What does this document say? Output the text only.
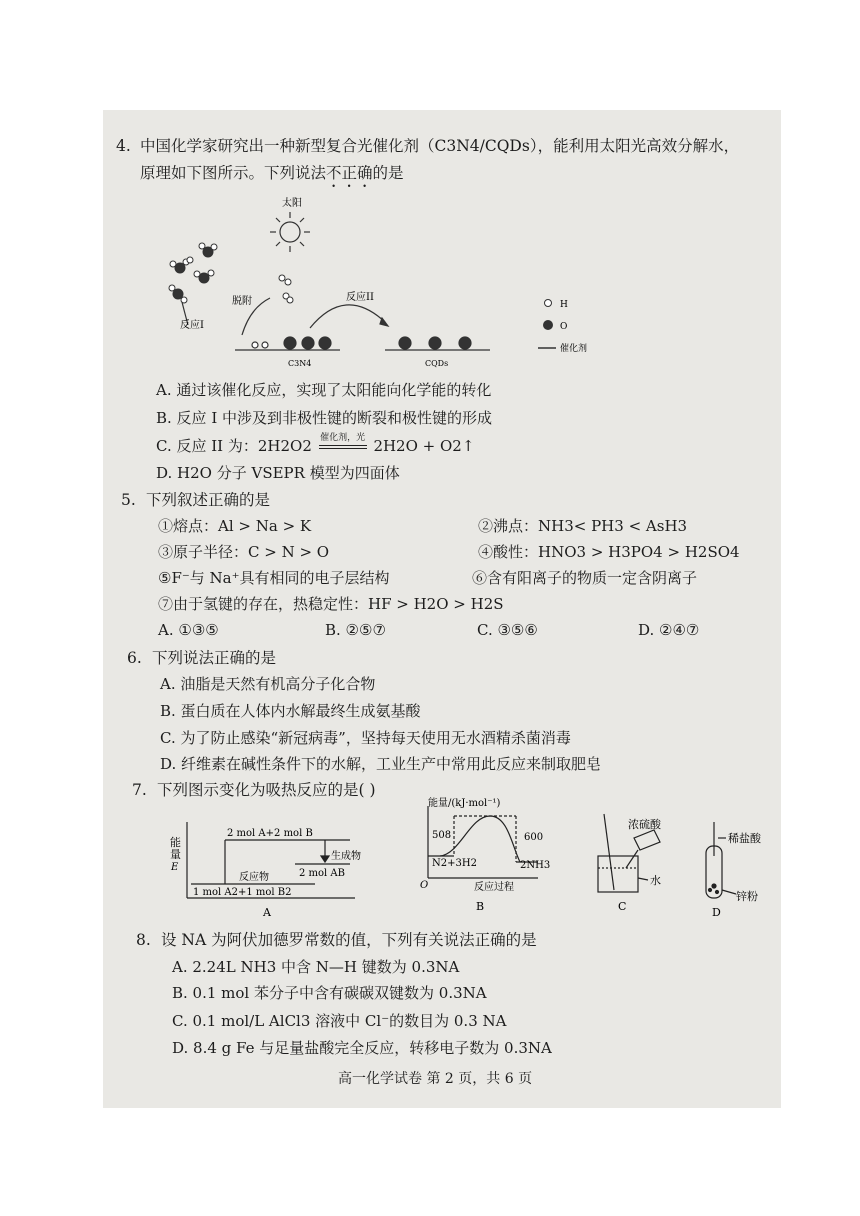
4. 中国化学家研究出一种新型复合光催化剂（C3N4/CQDs），能利用太阳光高效分解水，
原理如下图所示。下列说法不正确的是
脱附
太阳
反应I
反应II
C3N4	CQDs
H
O
催化剂
A. 通过该催化反应，实现了太阳能向化学能的转化
B. 反应 I 中涉及到非极性键的断裂和极性键的形成
C. 反应 II 为：2H2O2 催化剂，光 2H2O + O2↑
D. H2O 分子 VSEPR 模型为四面体
5. 下列叙述正确的是
①熔点：Al > Na > K	②沸点：NH3< PH3 < AsH3
③原子半径：C > N > O	④酸性：HNO3 > H3PO4 > H2SO4
⑤F⁻与 Na⁺具有相同的电子层结构	⑥含有阳离子的物质一定含阴离子
⑦由于氢键的存在，热稳定性：HF > H2O > H2S
A. ①③⑤	B. ②⑤⑦	C. ③⑤⑥	D. ②④⑦
6. 下列说法正确的是
A. 油脂是天然有机高分子化合物
B. 蛋白质在人体内水解最终生成氨基酸
C. 为了防止感染“新冠病毒”，坚持每天使用无水酒精杀菌消毒
D. 纤维素在碱性条件下的水解，工业生产中常用此反应来制取肥皂
7. 下列图示变化为吸热反应的是( )
能
量
E
2 mol A+2 mol B
生成物
反应物	2 mol AB
1 mol A2+1 mol B2
A
能量/(kJ·mol⁻¹)
508	600
N2+3H2	2NH3
O	反应过程
B
浓硫酸
水
C
稀盐酸
锌粉
D
8. 设 NA 为阿伏加德罗常数的值，下列有关说法正确的是
A. 2.24L NH3 中含 N—H 键数为 0.3NA
B. 0.1 mol 苯分子中含有碳碳双键数为 0.3NA
C. 0.1 mol/L AlCl3 溶液中 Cl⁻的数目为 0.3 NA
D. 8.4 g Fe 与足量盐酸完全反应，转移电子数为 0.3NA
高一化学试卷 第 2 页，共 6 页
